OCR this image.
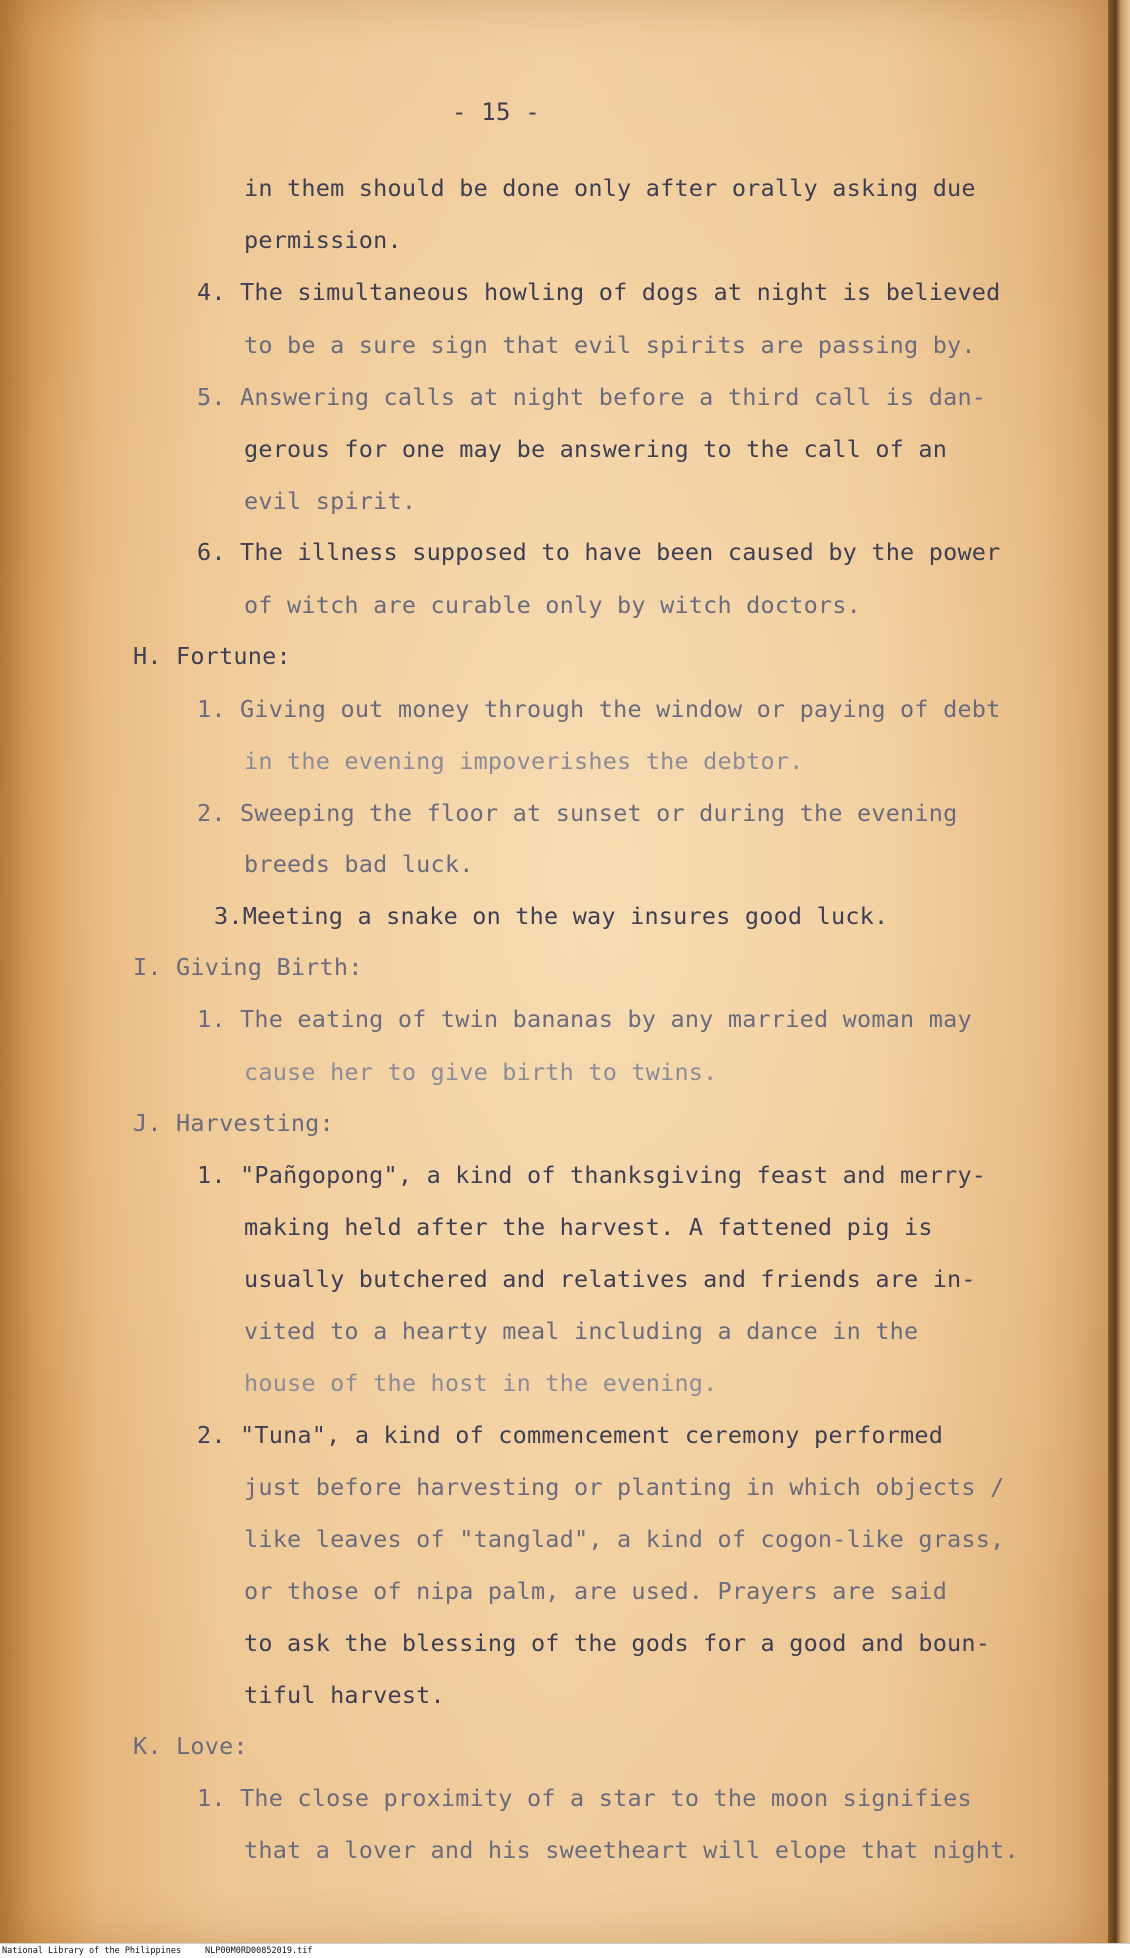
- 15 -
in them should be done only after orally asking due
permission.
4. The simultaneous howling of dogs at night is believed
to be a sure sign that evil spirits are passing by.
5. Answering calls at night before a third call is dan-
gerous for one may be answering to the call of an
evil spirit.
6. The illness supposed to have been caused by the power
of witch are curable only by witch doctors.
H. Fortune:
1. Giving out money through the window or paying of debt
in the evening impoverishes the debtor.
2. Sweeping the floor at sunset or during the evening
breeds bad luck.
3.Meeting a snake on the way insures good luck.
I. Giving Birth:
1. The eating of twin bananas by any married woman may
cause her to give birth to twins.
J. Harvesting:
1. "Pañgopong", a kind of thanksgiving feast and merry-
making held after the harvest. A fattened pig is
usually butchered and relatives and friends are in-
vited to a hearty meal including a dance in the
house of the host in the evening.
2. "Tuna", a kind of commencement ceremony performed
just before harvesting or planting in which objects /
like leaves of "tanglad", a kind of cogon-like grass,
or those of nipa palm, are used. Prayers are said
to ask the blessing of the gods for a good and boun-
tiful harvest.
K. Love:
1. The close proximity of a star to the moon signifies
that a lover and his sweetheart will elope that night.
National Library of the Philippines	NLP00M0RD00852019.tif
